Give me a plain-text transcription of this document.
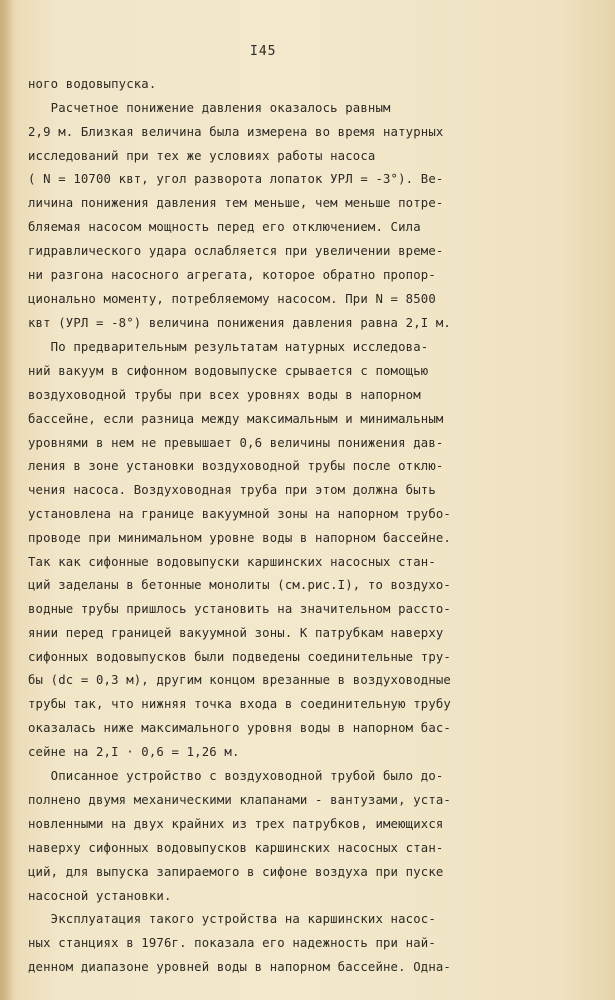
I45
ного водовыпуска.
Расчетное понижение давления оказалось равным
2,9 м. Близкая величина была измерена во время натурных
исследований при тех же условиях работы насоса
( N = 10700 квт, угол разворота лопаток УРЛ = -3°). Ве-
личина понижения давления тем меньше, чем меньше потре-
бляемая насосом мощность перед его отключением. Сила
гидравлического удара ослабляется при увеличении време-
ни разгона насосного агрегата, которое обратно пропор-
ционально моменту, потребляемому насосом. При N = 8500
квт (УРЛ = -8°) величина понижения давления равна 2,I м.
По предварительным результатам натурных исследова-
ний вакуум в сифонном водовыпуске срывается с помощью
воздуховодной трубы при всех уровнях воды в напорном
бассейне, если разница между максимальным и минимальным
уровнями в нем не превышает 0,6 величины понижения дав-
ления в зоне установки воздуховодной трубы после отклю-
чения насоса. Воздуховодная труба при этом должна быть
установлена на границе вакуумной зоны на напорном трубо-
проводе при минимальном уровне воды в напорном бассейне.
Так как сифонные водовыпуски каршинских насосных стан-
ций заделаны в бетонные монолиты (см.рис.I), то воздухо-
водные трубы пришлось установить на значительном рассто-
янии перед границей вакуумной зоны. К патрубкам наверху
сифонных водовыпусков были подведены соединительные тру-
бы (dc = 0,3 м), другим концом врезанные в воздуховодные
трубы так, что нижняя точка входа в соединительную трубу
оказалась ниже максимального уровня воды в напорном бас-
сейне на 2,I · 0,6 = 1,26 м.
Описанное устройство с воздуховодной трубой было до-
полнено двумя механическими клапанами - вантузами, уста-
новленными на двух крайних из трех патрубков, имеющихся
наверху сифонных водовыпусков каршинских насосных стан-
ций, для выпуска запираемого в сифоне воздуха при пуске
насосной установки.
Эксплуатация такого устройства на каршинских насос-
ных станциях в 1976г. показала его надежность при най-
денном диапазоне уровней воды в напорном бассейне. Одна-
